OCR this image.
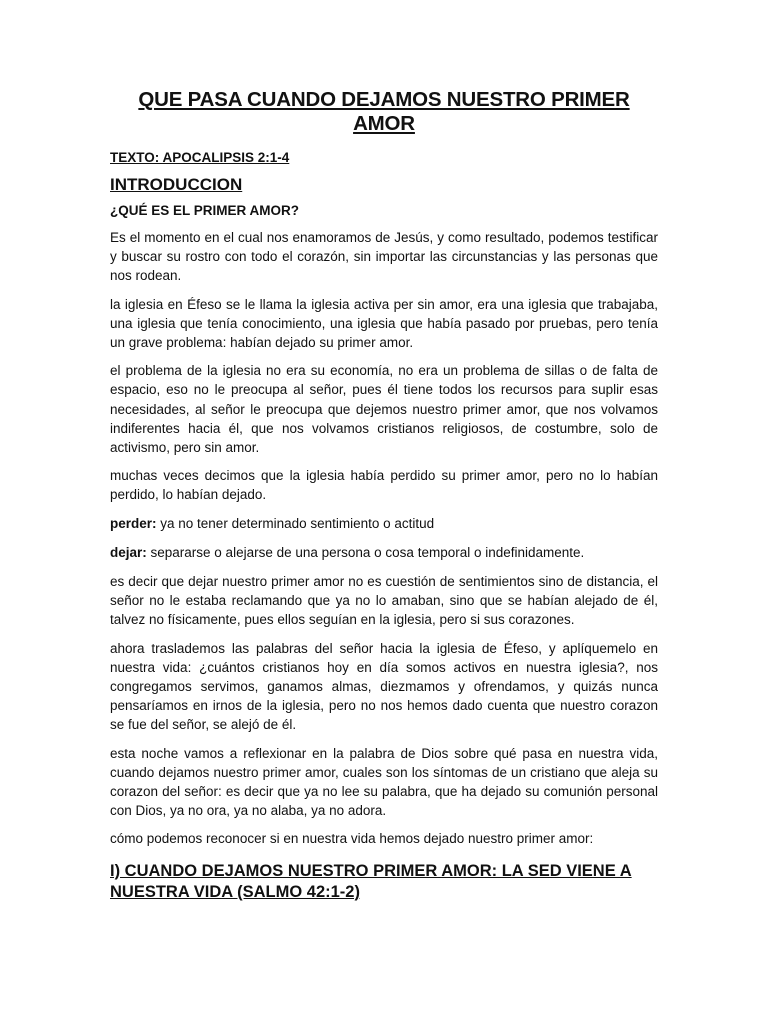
QUE PASA CUANDO DEJAMOS NUESTRO PRIMER AMOR
TEXTO: APOCALIPSIS 2:1-4
INTRODUCCION
¿QUÉ ES EL PRIMER AMOR?

Es el momento en el cual nos enamoramos de Jesús, y como resultado, podemos testificar y buscar su rostro con todo el corazón, sin importar las circunstancias y las personas que nos rodean.

la iglesia en Éfeso se le llama la iglesia activa per sin amor, era una iglesia que trabajaba, una iglesia que tenía conocimiento, una iglesia que había pasado por pruebas, pero tenía un grave problema: habían dejado su primer amor.

el problema de la iglesia no era su economía, no era un problema de sillas o de falta de espacio, eso no le preocupa al señor, pues él tiene todos los recursos para suplir esas necesidades, al señor le preocupa que dejemos nuestro primer amor, que nos volvamos indiferentes hacia él, que nos volvamos cristianos religiosos, de costumbre, solo de activismo, pero sin amor.

muchas veces decimos que la iglesia había perdido su primer amor, pero no lo habían perdido, lo habían dejado.

perder: ya no tener determinado sentimiento o actitud

dejar: separarse o alejarse de una persona o cosa temporal o indefinidamente.

es decir que dejar nuestro primer amor no es cuestión de sentimientos sino de distancia, el señor no le estaba reclamando que ya no lo amaban, sino que se habían alejado de él, talvez no físicamente, pues ellos seguían en la iglesia, pero si sus corazones.

ahora traslademos las palabras del señor hacia la iglesia de Éfeso, y aplíquemelo en nuestra vida: ¿cuántos cristianos hoy en día somos activos en nuestra iglesia?, nos congregamos servimos, ganamos almas, diezmamos y ofrendamos, y quizás nunca pensaríamos en irnos de la iglesia, pero no nos hemos dado cuenta que nuestro corazon se fue del señor, se alejó de él.

esta noche vamos a reflexionar en la palabra de Dios sobre qué pasa en nuestra vida, cuando dejamos nuestro primer amor, cuales son los síntomas de un cristiano que aleja su corazon del señor: es decir que ya no lee su palabra, que ha dejado su comunión personal con Dios, ya no ora, ya no alaba, ya no adora.

cómo podemos reconocer si en nuestra vida hemos dejado nuestro primer amor:

I) CUANDO DEJAMOS NUESTRO PRIMER AMOR: LA SED VIENE A NUESTRA VIDA (SALMO 42:1-2)
